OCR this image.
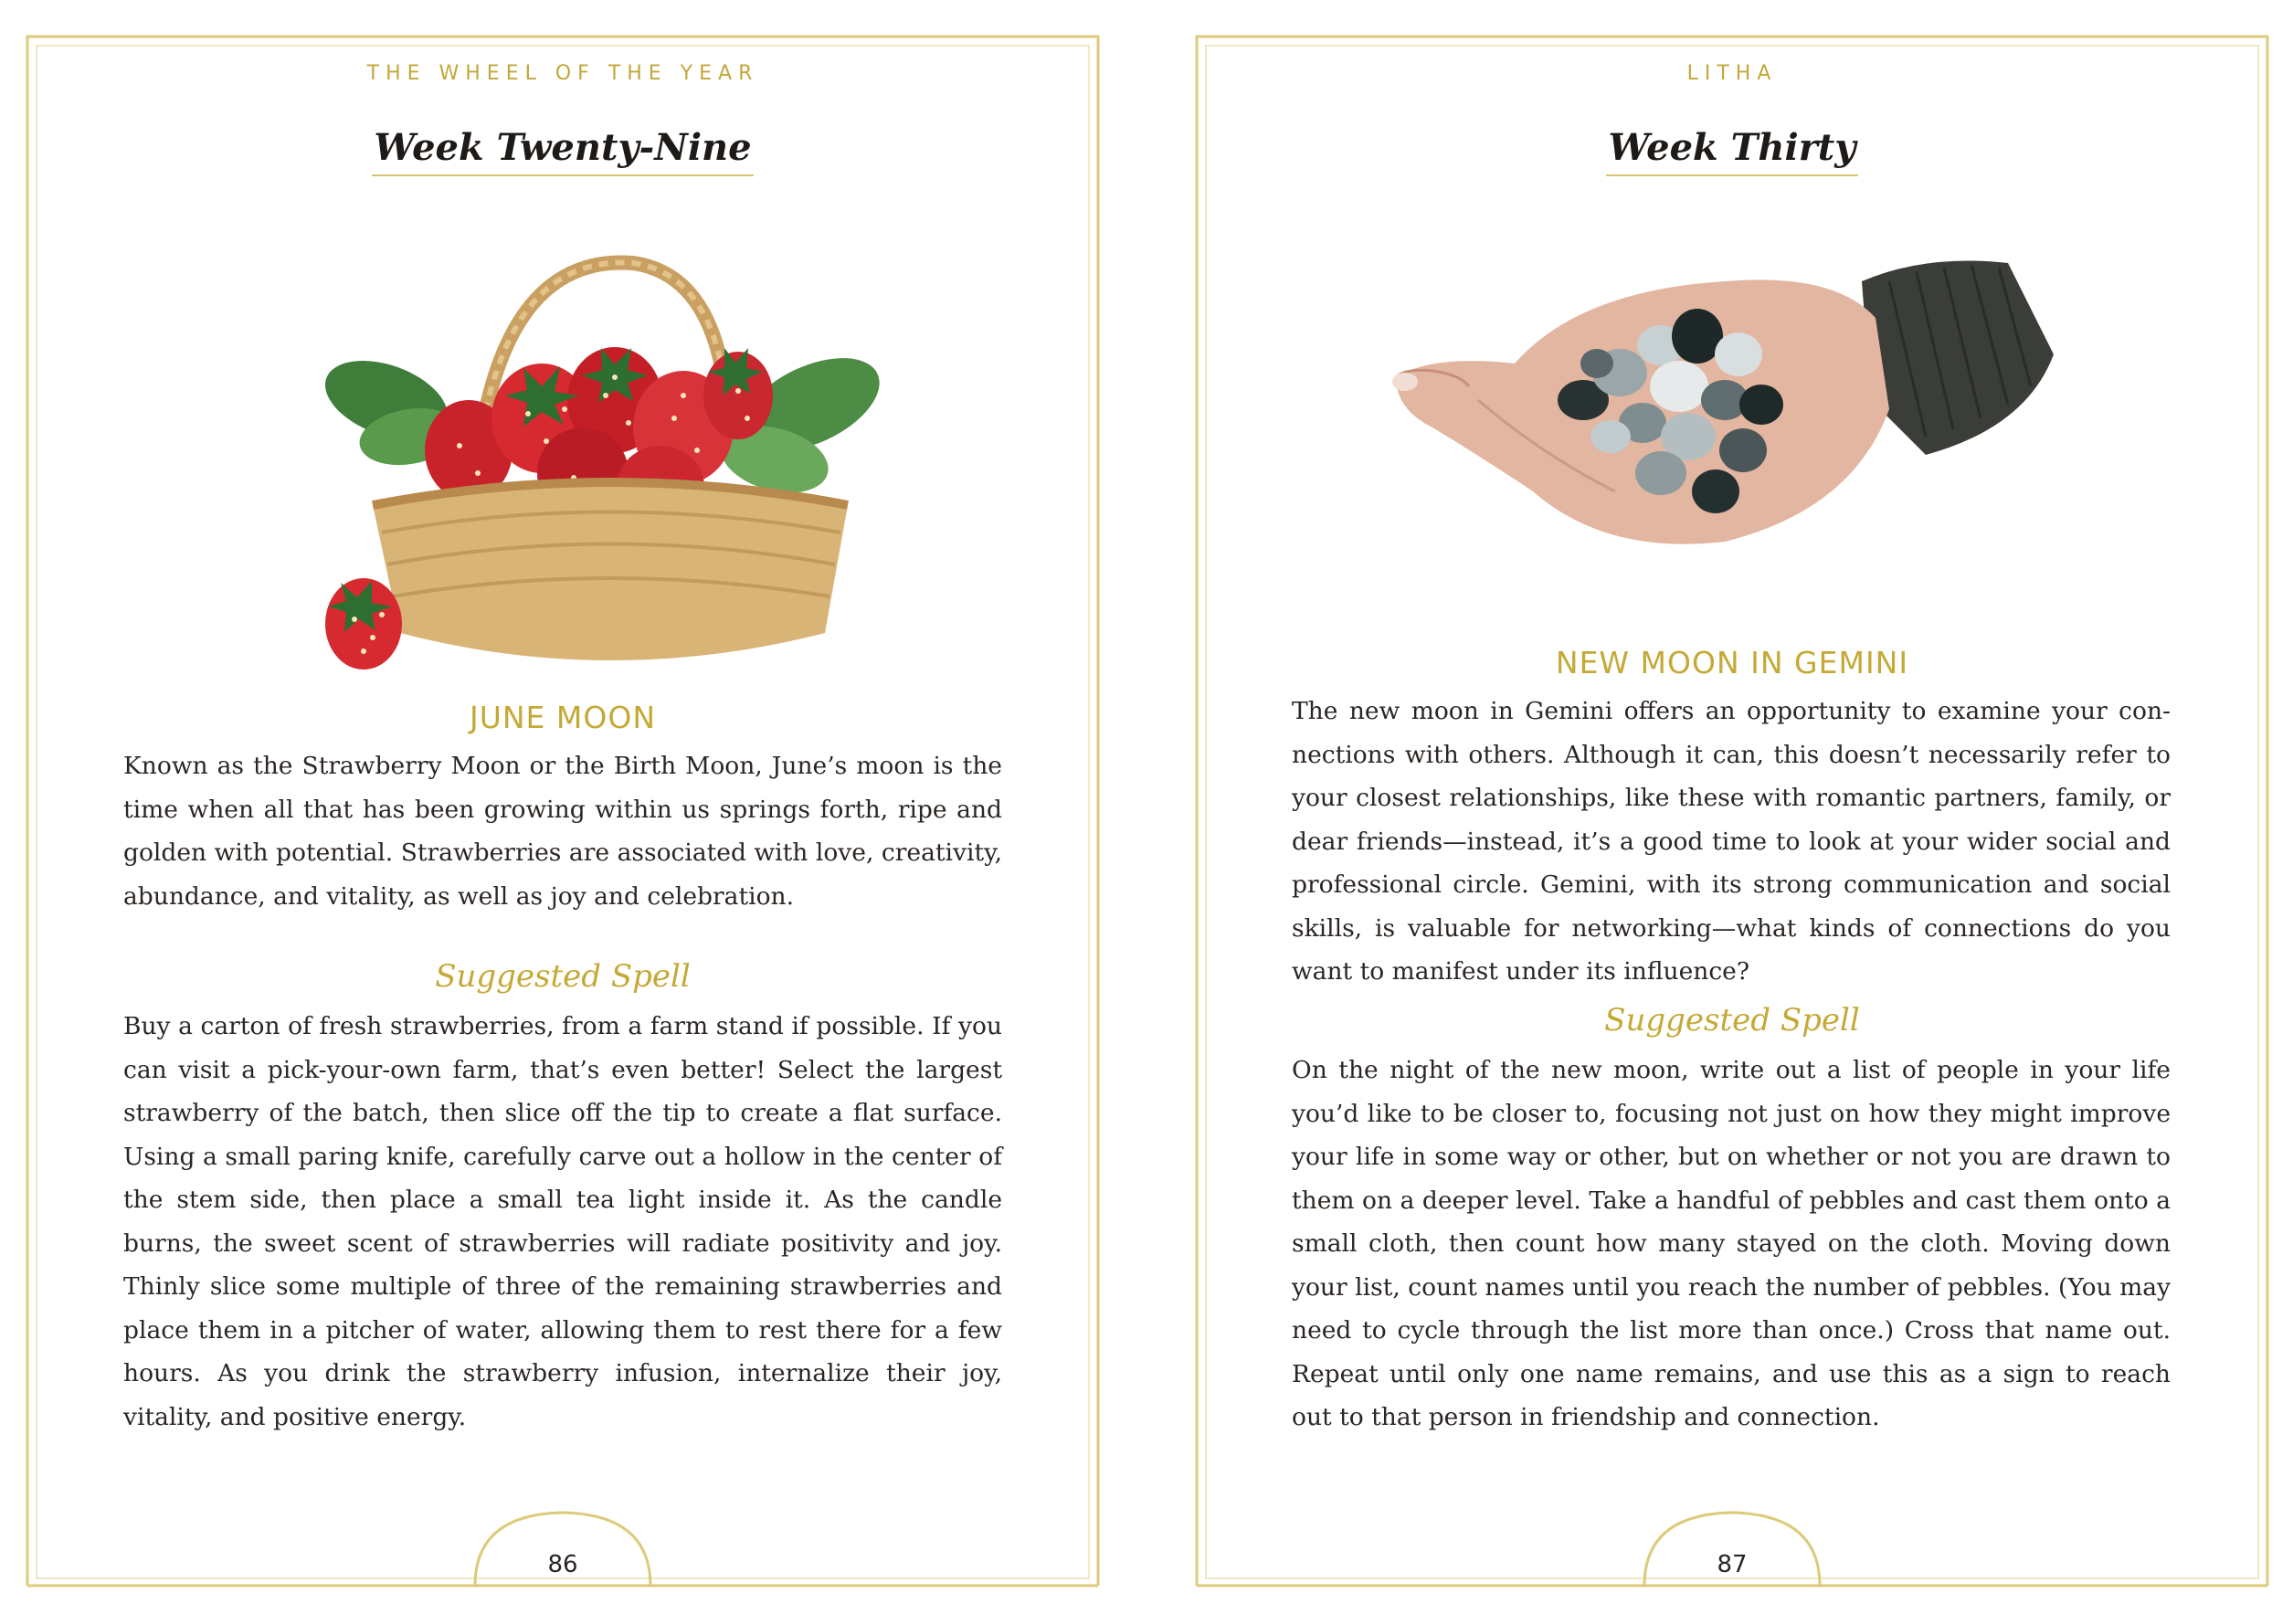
THE WHEEL OF THE YEAR
Week Twenty-Nine
JUNE MOON

Known as the Strawberry Moon or the Birth Moon, June’s moon is the time when all that has been growing within us springs forth, ripe and golden with potential. Strawberries are associated with love, creativity, abundance, and vitality, as well as joy and celebration.

Suggested Spell

Buy a carton of fresh strawberries, from a farm stand if possible. If you can visit a pick-your-own farm, that’s even better! Select the largest strawberry of the batch, then slice off the tip to create a flat surface. Using a small paring knife, carefully carve out a hollow in the center of the stem side, then place a small tea light inside it. As the candle burns, the sweet scent of strawberries will radiate positivity and joy. Thinly slice some multiple of three of the remaining strawberries and place them in a pitcher of water, allowing them to rest there for a few hours. As you drink the strawberry infusion, internalize their joy, vitality, and positive energy.

86
LITHA
Week Thirty
NEW MOON IN GEMINI

The new moon in Gemini offers an opportunity to examine your connections with others. Although it can, this doesn’t necessarily refer to your closest relationships, like these with romantic partners, family, or dear friends—instead, it’s a good time to look at your wider social and professional circle. Gemini, with its strong communication and social skills, is valuable for networking—what kinds of connections do you want to manifest under its influence?

Suggested Spell

On the night of the new moon, write out a list of people in your life you’d like to be closer to, focusing not just on how they might improve your life in some way or other, but on whether or not you are drawn to them on a deeper level. Take a handful of pebbles and cast them onto a small cloth, then count how many stayed on the cloth. Moving down your list, count names until you reach the number of pebbles. (You may need to cycle through the list more than once.) Cross that name out. Repeat until only one name remains, and use this as a sign to reach out to that person in friendship and connection.

87
